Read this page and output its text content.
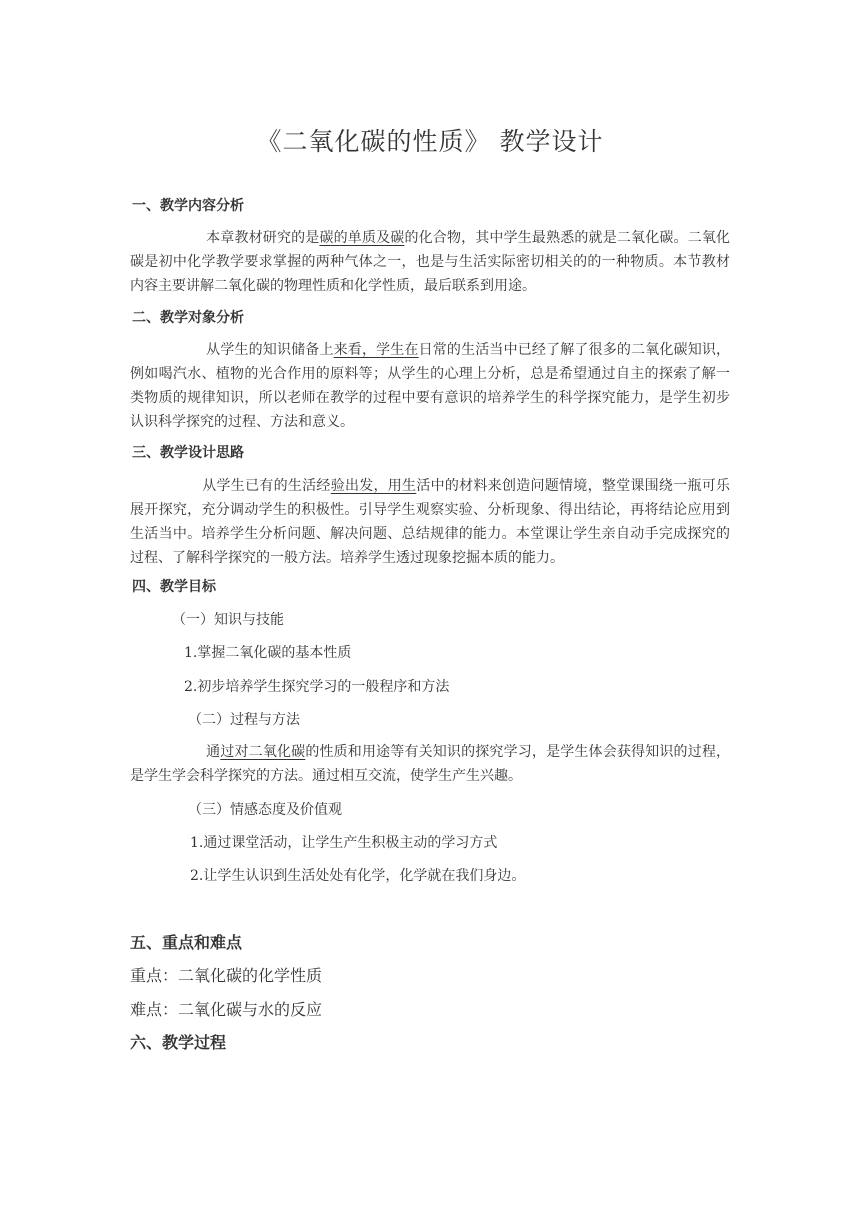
《二氧化碳的性质》 教学设计
一、教学内容分析
本章教材研究的是碳的单质及碳的化合物，其中学生最熟悉的就是二氧化碳。二氧化碳是初中化学教学要求掌握的两种气体之一，也是与生活实际密切相关的的一种物质。本节教材内容主要讲解二氧化碳的物理性质和化学性质，最后联系到用途。
二、教学对象分析
从学生的知识储备上来看，学生在日常的生活当中已经了解了很多的二氧化碳知识，例如喝汽水、植物的光合作用的原料等；从学生的心理上分析，总是希望通过自主的探索了解一类物质的规律知识，所以老师在教学的过程中要有意识的培养学生的科学探究能力，是学生初步认识科学探究的过程、方法和意义。
三、教学设计思路
从学生已有的生活经验出发，用生活中的材料来创造问题情境，整堂课围绕一瓶可乐展开探究，充分调动学生的积极性。引导学生观察实验、分析现象、得出结论，再将结论应用到生活当中。培养学生分析问题、解决问题、总结规律的能力。本堂课让学生亲自动手完成探究的过程、了解科学探究的一般方法。培养学生透过现象挖掘本质的能力。
四、教学目标
（一）知识与技能
1.掌握二氧化碳的基本性质
2.初步培养学生探究学习的一般程序和方法
（二）过程与方法
通过对二氧化碳的性质和用途等有关知识的探究学习，是学生体会获得知识的过程，是学生学会科学探究的方法。通过相互交流，使学生产生兴趣。
（三）情感态度及价值观
1.通过课堂活动，让学生产生积极主动的学习方式
2.让学生认识到生活处处有化学，化学就在我们身边。
五、重点和难点
重点：二氧化碳的化学性质
难点：二氧化碳与水的反应
六、教学过程
